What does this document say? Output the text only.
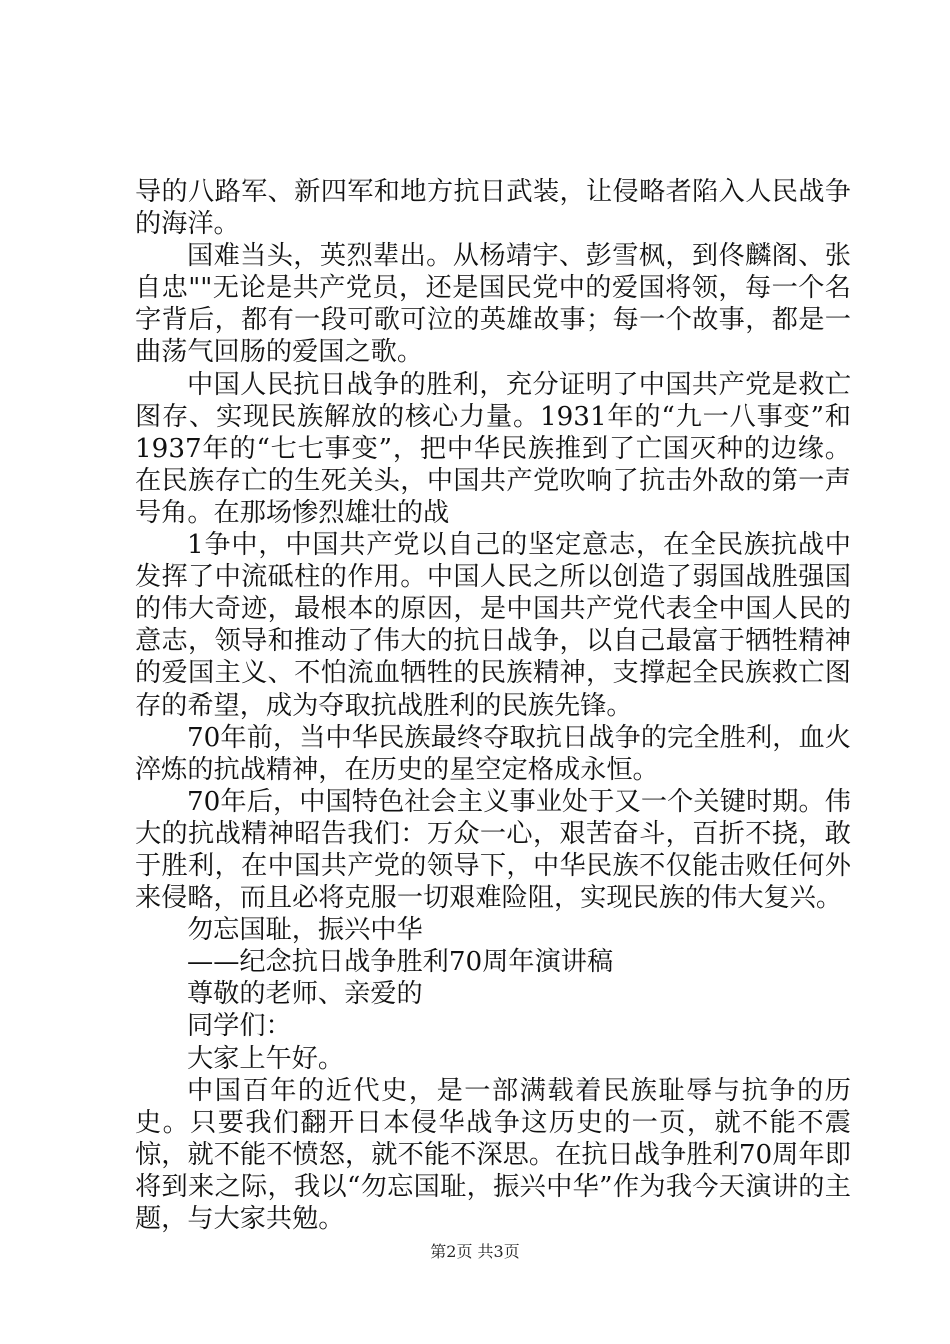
导的八路军、新四军和地方抗日武装，让侵略者陷入人民战争的海洋。

国难当头，英烈辈出。从杨靖宇、彭雪枫，到佟麟阁、张自忠""无论是共产党员，还是国民党中的爱国将领，每一个名字背后，都有一段可歌可泣的英雄故事；每一个故事，都是一曲荡气回肠的爱国之歌。

中国人民抗日战争的胜利，充分证明了中国共产党是救亡图存、实现民族解放的核心力量。1931年的“九一八事变”和1937年的“七七事变”，把中华民族推到了亡国灭种的边缘。在民族存亡的生死关头，中国共产党吹响了抗击外敌的第一声号角。在那场惨烈雄壮的战

1争中，中国共产党以自己的坚定意志，在全民族抗战中发挥了中流砥柱的作用。中国人民之所以创造了弱国战胜强国的伟大奇迹，最根本的原因，是中国共产党代表全中国人民的意志，领导和推动了伟大的抗日战争，以自己最富于牺牲精神的爱国主义、不怕流血牺牲的民族精神，支撑起全民族救亡图存的希望，成为夺取抗战胜利的民族先锋。

70年前，当中华民族最终夺取抗日战争的完全胜利，血火淬炼的抗战精神，在历史的星空定格成永恒。

70年后，中国特色社会主义事业处于又一个关键时期。伟大的抗战精神昭告我们：万众一心，艰苦奋斗，百折不挠，敢于胜利，在中国共产党的领导下，中华民族不仅能击败任何外来侵略，而且必将克服一切艰难险阻，实现民族的伟大复兴。

勿忘国耻，振兴中华

——纪念抗日战争胜利70周年演讲稿

尊敬的老师、亲爱的

同学们：

大家上午好。

中国百年的近代史，是一部满载着民族耻辱与抗争的历史。只要我们翻开日本侵华战争这历史的一页，就不能不震惊，就不能不愤怒，就不能不深思。在抗日战争胜利70周年即将到来之际，我以“勿忘国耻，振兴中华”作为我今天演讲的主题，与大家共勉。

第2页 共3页
